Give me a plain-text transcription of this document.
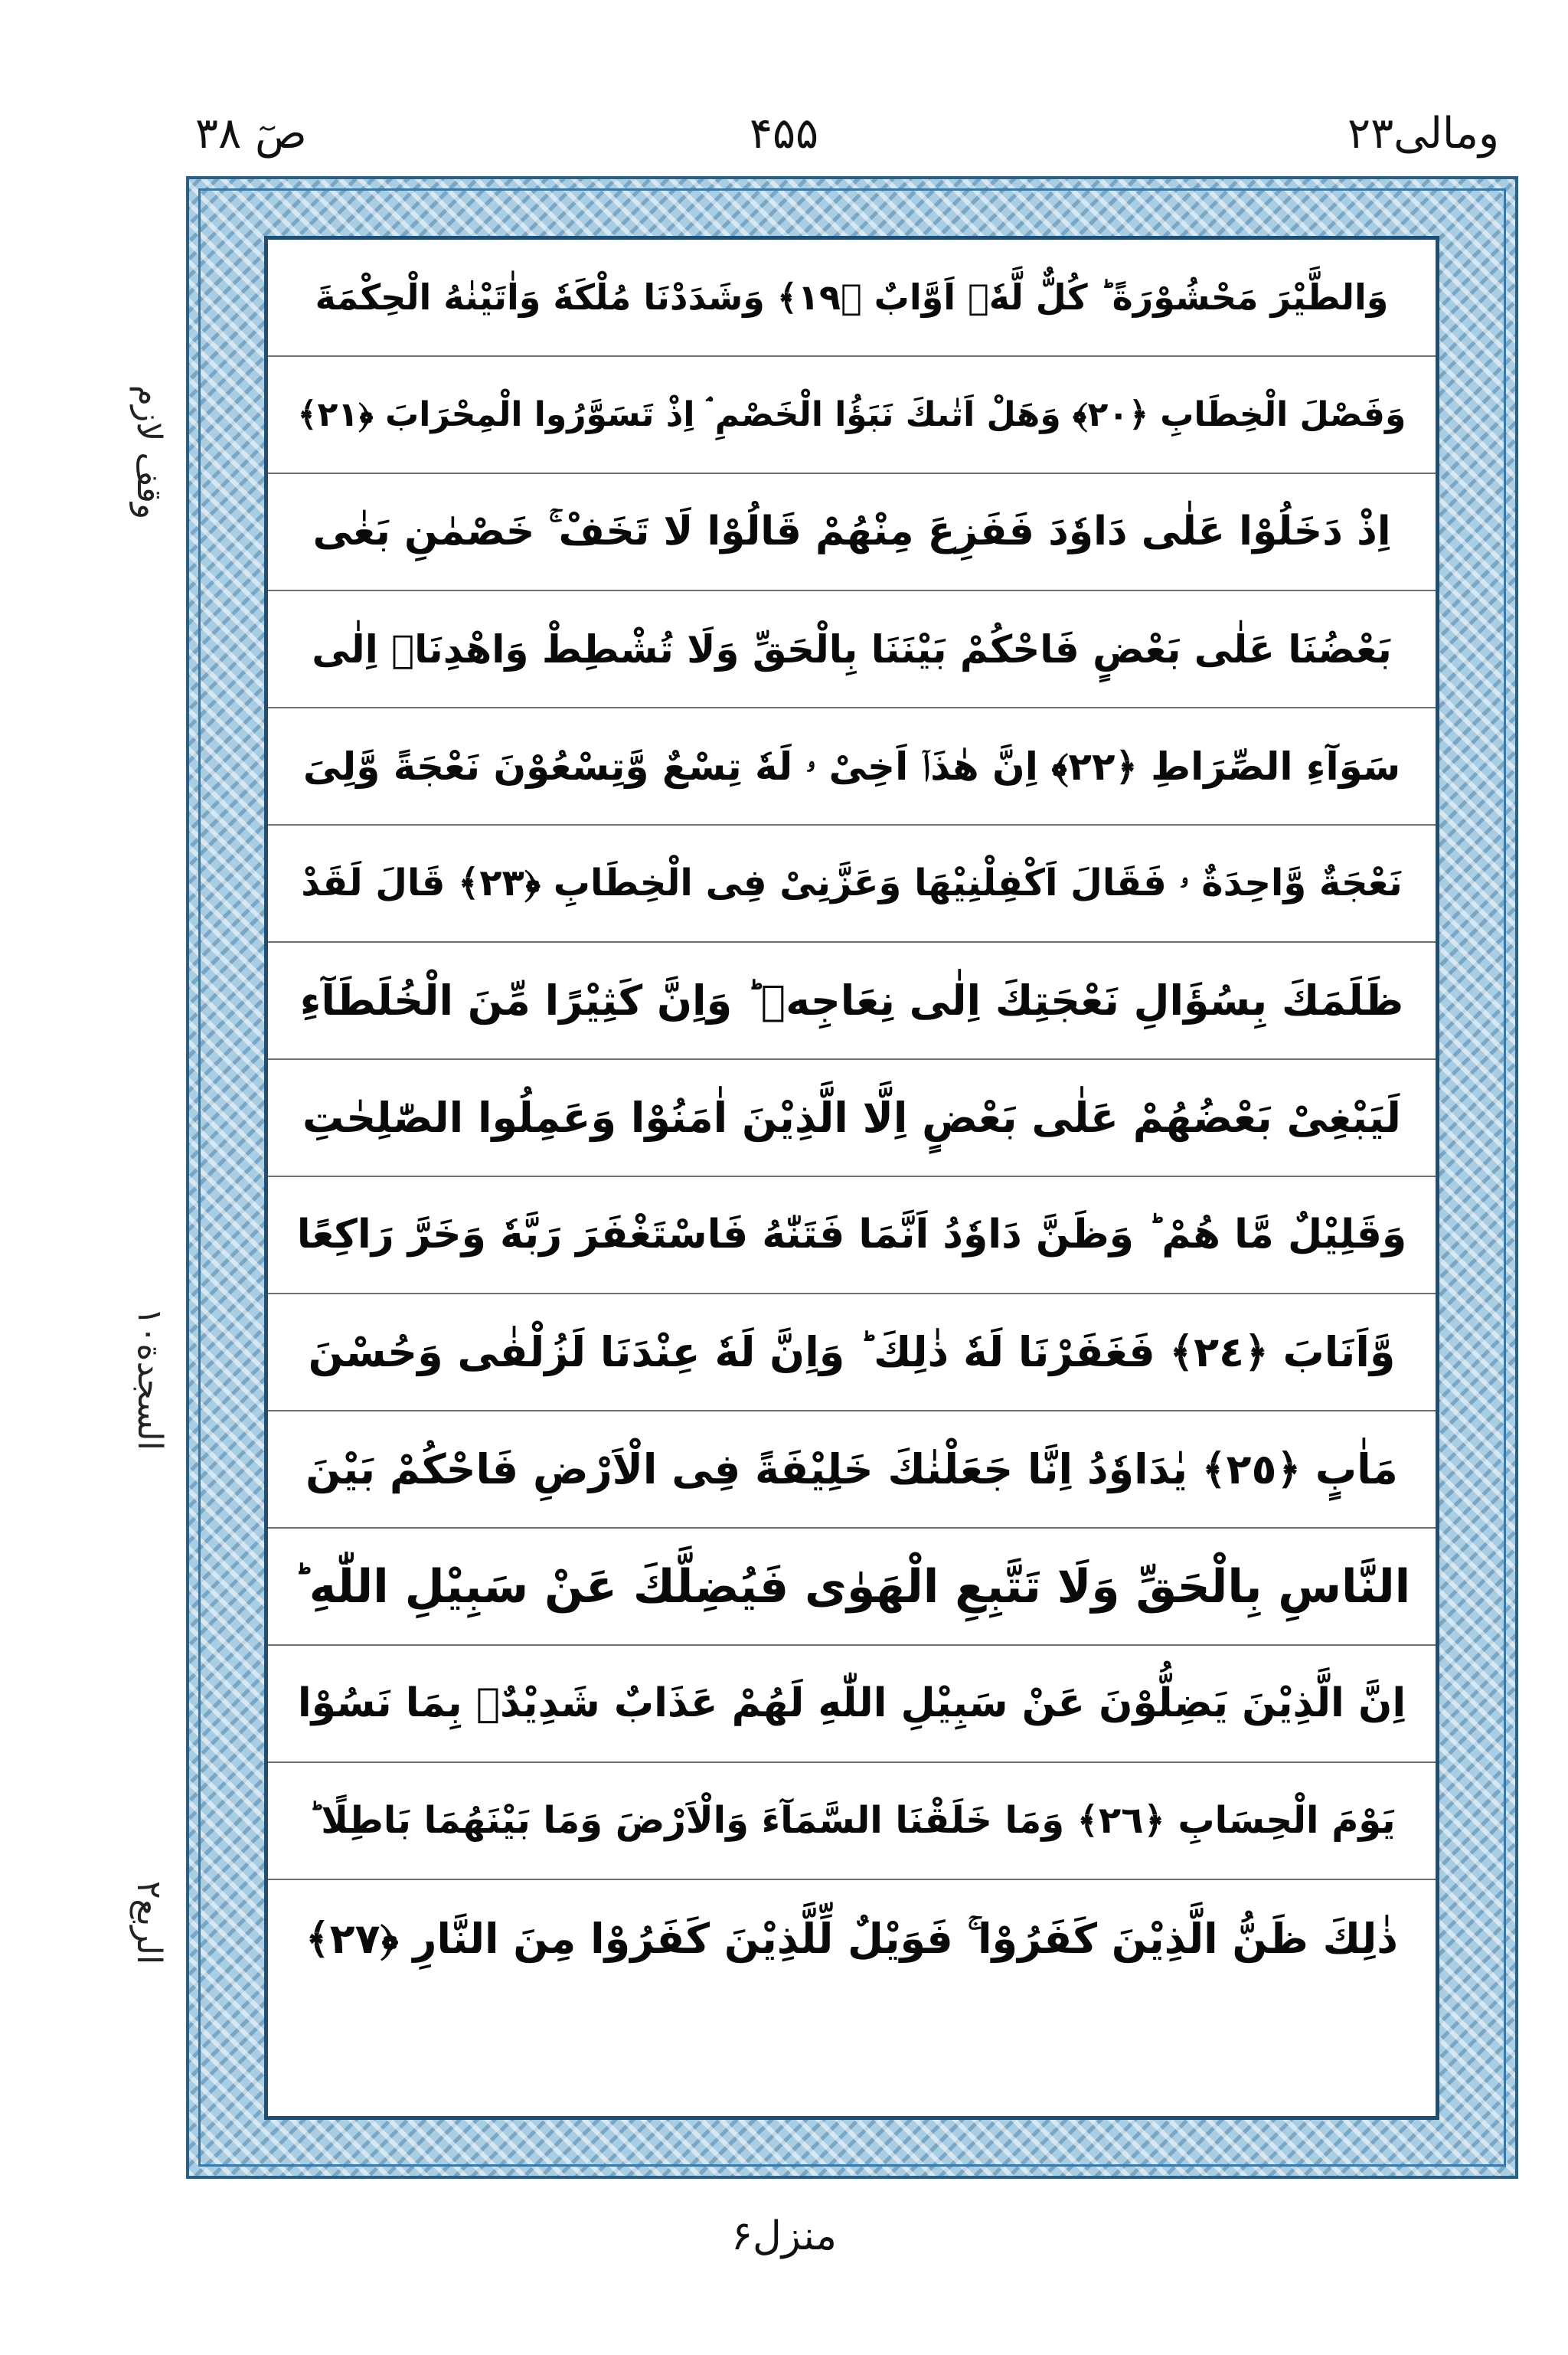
ومالی۲۳
۴۵۵
صٓ ۳۸
وقف لازم
السجدة۱۰
الربع٢
وَالطَّيْرَ مَحْشُوْرَةً ؕ كُلٌّ لَّهٗۤ اَوَّابٌ ﴿١٩﴾ وَشَدَدْنَا مُلْكَهٗ وَاٰتَيْنٰهُ الْحِكْمَةَ
وَفَصْلَ الْخِطَابِ ﴿٢٠﴾ وَهَلْ اَتٰىكَ نَبَؤُا الْخَصْمِ ۘ اِذْ تَسَوَّرُوا الْمِحْرَابَ ﴿٢١﴾
اِذْ دَخَلُوْا عَلٰى دَاوٗدَ فَفَزِعَ مِنْهُمْ قَالُوْا لَا تَخَفْ ۚ خَصْمٰنِ بَغٰى
بَعْضُنَا عَلٰى بَعْضٍ فَاحْكُمْ بَيْنَنَا بِالْحَقِّ وَلَا تُشْطِطْ وَاهْدِنَاۤ اِلٰى
سَوَآءِ الصِّرَاطِ ﴿٢٢﴾ اِنَّ هٰذَاۤ اَخِىْ ۥ لَهٗ تِسْعٌ وَّتِسْعُوْنَ نَعْجَةً وَّلِىَ
نَعْجَةٌ وَّاحِدَةٌ ۥ فَقَالَ اَكْفِلْنِيْهَا وَعَزَّنِىْ فِى الْخِطَابِ ﴿٢٣﴾ قَالَ لَقَدْ
ظَلَمَكَ بِسُؤَالِ نَعْجَتِكَ اِلٰى نِعَاجِهٖ ؕ وَاِنَّ كَثِيْرًا مِّنَ الْخُلَطَآءِ
لَيَبْغِىْ بَعْضُهُمْ عَلٰى بَعْضٍ اِلَّا الَّذِيْنَ اٰمَنُوْا وَعَمِلُوا الصّٰلِحٰتِ
وَقَلِيْلٌ مَّا هُمْ ؕ وَظَنَّ دَاوٗدُ اَنَّمَا فَتَنّٰهُ فَاسْتَغْفَرَ رَبَّهٗ وَخَرَّ رَاكِعًا
وَّاَنَابَ ﴿٢٤﴾ فَغَفَرْنَا لَهٗ ذٰلِكَ ؕ وَاِنَّ لَهٗ عِنْدَنَا لَزُلْفٰى وَحُسْنَ
مَاٰبٍ ﴿٢٥﴾ يٰدَاوٗدُ اِنَّا جَعَلْنٰكَ خَلِيْفَةً فِى الْاَرْضِ فَاحْكُمْ بَيْنَ
النَّاسِ بِالْحَقِّ وَلَا تَتَّبِعِ الْهَوٰى فَيُضِلَّكَ عَنْ سَبِيْلِ اللّٰهِ ؕ
اِنَّ الَّذِيْنَ يَضِلُّوْنَ عَنْ سَبِيْلِ اللّٰهِ لَهُمْ عَذَابٌ شَدِيْدٌۢ بِمَا نَسُوْا
يَوْمَ الْحِسَابِ ﴿٢٦﴾ وَمَا خَلَقْنَا السَّمَآءَ وَالْاَرْضَ وَمَا بَيْنَهُمَا بَاطِلًا ؕ
ذٰلِكَ ظَنُّ الَّذِيْنَ كَفَرُوْا ۚ فَوَيْلٌ لِّلَّذِيْنَ كَفَرُوْا مِنَ النَّارِ ﴿٢٧﴾
منزل۶
